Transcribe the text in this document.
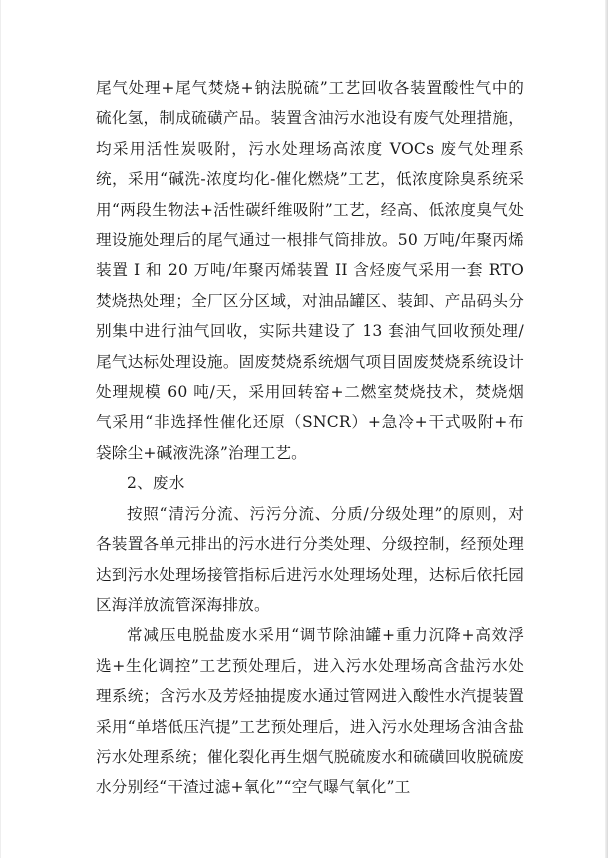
尾气处理+尾气焚烧+钠法脱硫”工艺回收各装置酸性气中的硫化氢，制成硫磺产品。装置含油污水池设有废气处理措施，均采用活性炭吸附，污水处理场高浓度 VOCs 废气处理系统，采用“碱洗-浓度均化-催化燃烧”工艺，低浓度除臭系统采用“两段生物法+活性碳纤维吸附”工艺，经高、低浓度臭气处理设施处理后的尾气通过一根排气筒排放。50 万吨/年聚丙烯装置 I 和 20 万吨/年聚丙烯装置 II 含烃废气采用一套 RTO 焚烧热处理；全厂区分区域，对油品罐区、装卸、产品码头分别集中进行油气回收，实际共建设了 13 套油气回收预处理/尾气达标处理设施。固废焚烧系统烟气项目固废焚烧系统设计处理规模 60 吨/天，采用回转窑+二燃室焚烧技术，焚烧烟气采用“非选择性催化还原（SNCR）+急冷+干式吸附+布袋除尘+碱液洗涤”治理工艺。

2、废水

按照“清污分流、污污分流、分质/分级处理”的原则，对各装置各单元排出的污水进行分类处理、分级控制，经预处理达到污水处理场接管指标后进污水处理场处理，达标后依托园区海洋放流管深海排放。

常减压电脱盐废水采用“调节除油罐+重力沉降+高效浮选+生化调控”工艺预处理后，进入污水处理场高含盐污水处理系统；含污水及芳烃抽提废水通过管网进入酸性水汽提装置采用“单塔低压汽提”工艺预处理后，进入污水处理场含油含盐污水处理系统；催化裂化再生烟气脱硫废水和硫磺回收脱硫废水分别经“干渣过滤+氧化”“空气曝气氧化”工
